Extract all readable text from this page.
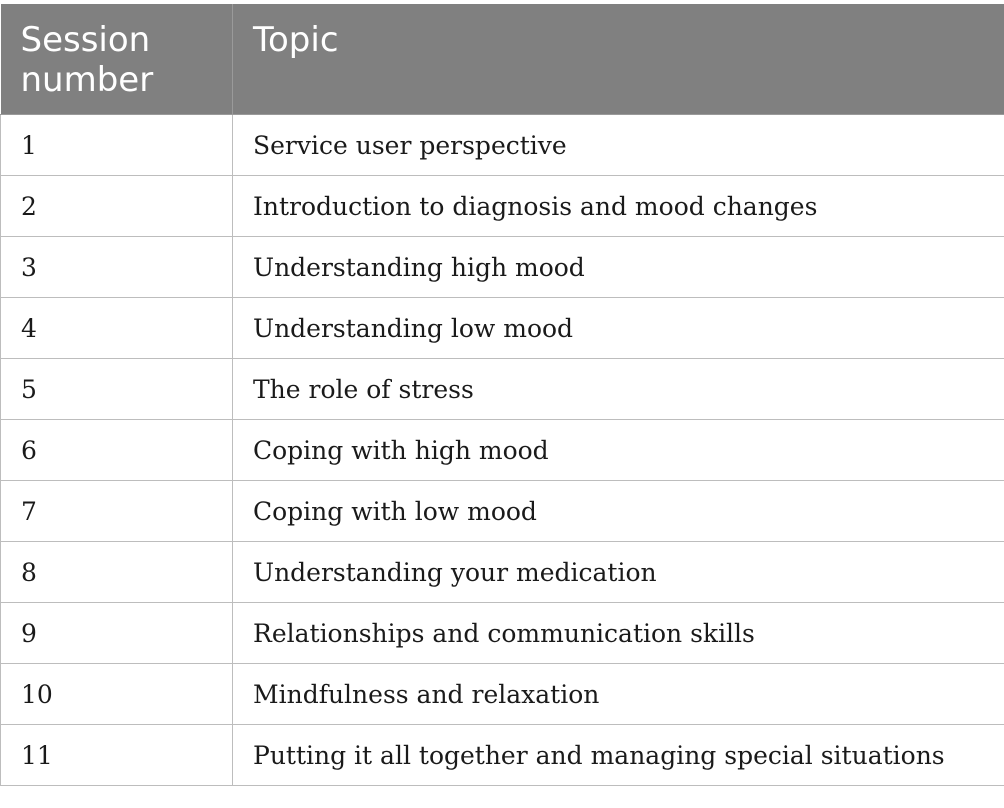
Session
number	Topic
1	Service user perspective
2	Introduction to diagnosis and mood changes
3	Understanding high mood
4	Understanding low mood
5	The role of stress
6	Coping with high mood
7	Coping with low mood
8	Understanding your medication
9	Relationships and communication skills
10	Mindfulness and relaxation
11	Putting it all together and managing special situations
